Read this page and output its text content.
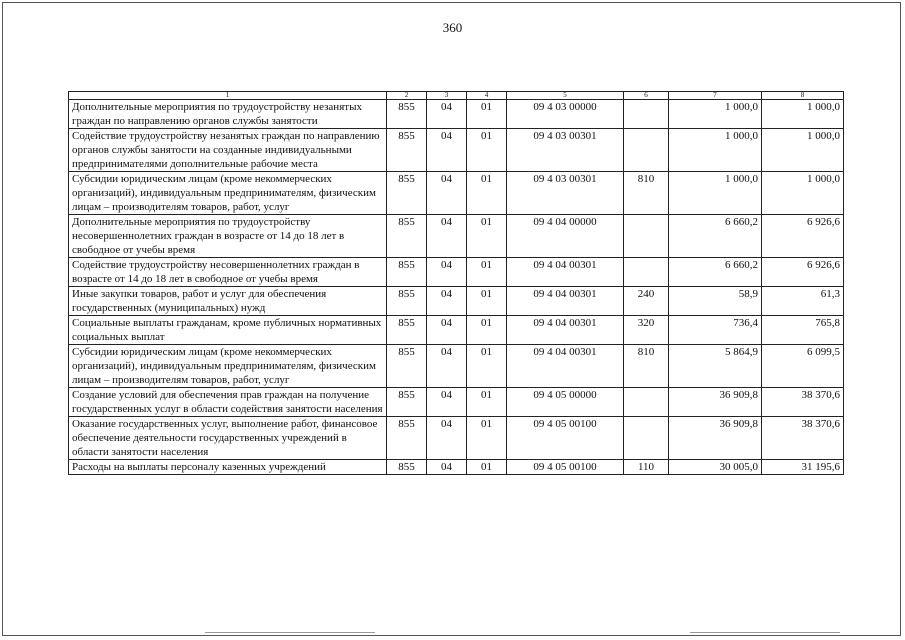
360
1	2	3	4	5	6	7	8
Дополнительные мероприятия по трудоустройству незанятых граждан по направлению органов службы занятости	855	04	01	09 4 03 00000		1 000,0	1 000,0
Содействие трудоустройству незанятых граждан по направлению органов службы занятости на созданные индивидуальными предпринимателями дополнительные рабочие места	855	04	01	09 4 03 00301		1 000,0	1 000,0
Субсидии юридическим лицам (кроме некоммерческих организаций), индивидуальным предпринимателям, физическим лицам – производителям товаров, работ, услуг	855	04	01	09 4 03 00301	810	1 000,0	1 000,0
Дополнительные мероприятия по трудоустройству несовершеннолетних граждан в возрасте от 14 до 18 лет в свободное от учебы время	855	04	01	09 4 04 00000		6 660,2	6 926,6
Содействие трудоустройству несовершеннолетних граждан в возрасте от 14 до 18 лет в свободное от учебы время	855	04	01	09 4 04 00301		6 660,2	6 926,6
Иные закупки товаров, работ и услуг для обеспечения государственных (муниципальных) нужд	855	04	01	09 4 04 00301	240	58,9	61,3
Социальные выплаты гражданам, кроме публичных нормативных социальных выплат	855	04	01	09 4 04 00301	320	736,4	765,8
Субсидии юридическим лицам (кроме некоммерческих организаций), индивидуальным предпринимателям, физическим лицам – производителям товаров, работ, услуг	855	04	01	09 4 04 00301	810	5 864,9	6 099,5
Создание условий для обеспечения прав граждан на получение государственных услуг в области содействия занятости населения	855	04	01	09 4 05 00000		36 909,8	38 370,6
Оказание государственных услуг, выполнение работ, финансовое обеспечение деятельности государственных учреждений в области занятости населения	855	04	01	09 4 05 00100		36 909,8	38 370,6
Расходы на выплаты персоналу казенных учреждений	855	04	01	09 4 05 00100	110	30 005,0	31 195,6
